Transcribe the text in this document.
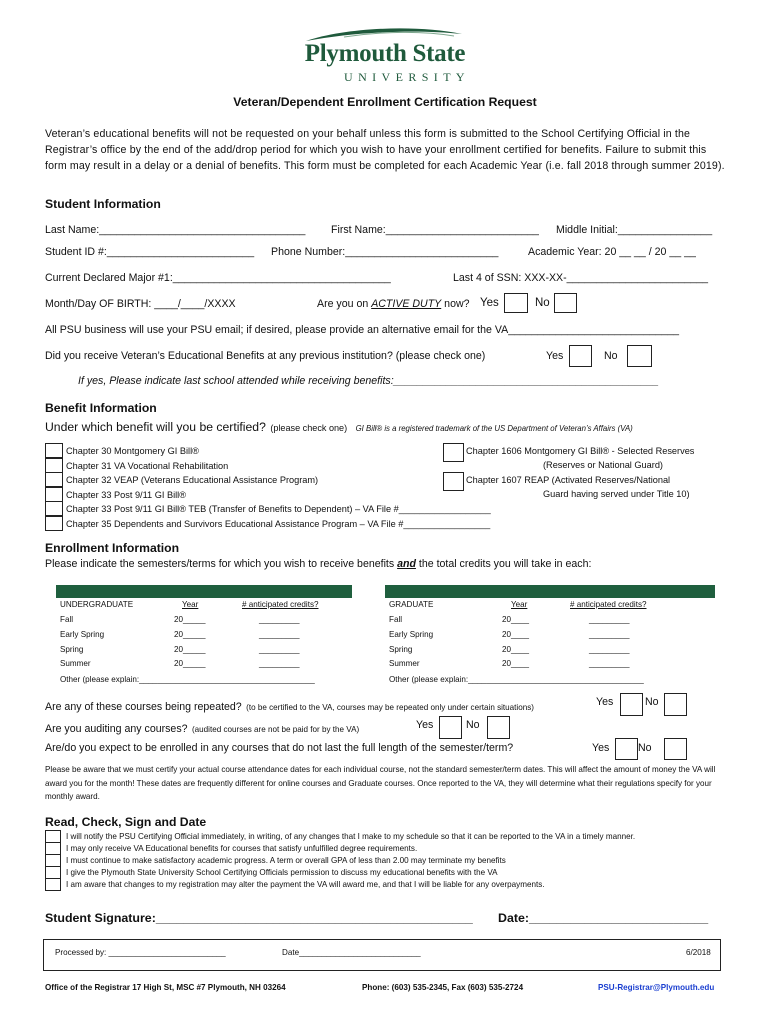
Plymouth State
UNIVERSITY
Veteran/Dependent Enrollment Certification Request
Veteran’s educational benefits will not be requested on your behalf unless this form is submitted to the School Certifying Official in the Registrar’s office by the end of the add/drop period for which you wish to have your enrollment certified for benefits. Failure to submit this form may result in a delay or a denial of benefits. This form must be completed for each Academic Year (i.e. fall 2018 through summer 2019).
Student Information
Last Name:___________________________________ First Name:__________________________ Middle Initial:________________
Student ID #:_________________________ Phone Number:__________________________	Academic Year: 20 __ __ / 20 __ __
Current Declared Major #1:_____________________________________	Last 4 of SSN: XXX-XX-________________________
Month/Day OF BIRTH: ____/____/XXXX	Are you on ACTIVE DUTY now? Yes	No
All PSU business will use your PSU email; if desired, please provide an alternative email for the VA_____________________________
Did you receive Veteran’s Educational Benefits at any previous institution? (please check one)	Yes	No
If yes, Please indicate last school attended while receiving benefits:_____________________________________________
Benefit Information
Under which benefit will you be certified? (please check one) GI Bill® is a registered trademark of the US Department of Veteran’s Affairs (VA)
Chapter 30 Montgomery GI Bill®
Chapter 31 VA Vocational Rehabilitation
Chapter 32 VEAP (Veterans Educational Assistance Program)
Chapter 33 Post 9/11 GI Bill®
Chapter 33 Post 9/11 GI Bill® TEB (Transfer of Benefits to Dependent) – VA File #__________________
Chapter 35 Dependents and Survivors Educational Assistance Program – VA File #_________________
Chapter 1606 Montgomery GI Bill® - Selected Reserves
(Reserves or National Guard)
Chapter 1607 REAP (Activated Reserves/National
Guard having served under Title 10)
Enrollment Information
Please indicate the semesters/terms for which you wish to receive benefits and the total credits you will take in each:
UNDERGRADUATE	Year	# anticipated credits?
Fall	20_____	_________
Early Spring	20_____	_________
Spring	20_____	_________
Summer	20_____	_________
Other (please explain:_______________________________________
GRADUATE	Year	# anticipated credits?
Fall	20____	_________
Early Spring	20____	_________
Spring	20____	_________
Summer	20____	_________
Other (please explain:_______________________________________
Are any of these courses being repeated? (to be certified to the VA, courses may be repeated only under certain situations)	Yes	No
Are you auditing any courses? (audited courses are not be paid for by the VA)	Yes	No
Are/do you expect to be enrolled in any courses that do not last the full length of the semester/term?	Yes	No
Please be aware that we must certify your actual course attendance dates for each individual course, not the standard semester/term dates. This will affect the amount of money the VA will award you for the month! These dates are frequently different for online courses and Graduate courses. Once reported to the VA, they will determine what their regulations specify for your monthly award.
Read, Check, Sign and Date
I will notify the PSU Certifying Official immediately, in writing, of any changes that I make to my schedule so that it can be reported to the VA in a timely manner.
I may only receive VA Educational benefits for courses that satisfy unfulfilled degree requirements.
I must continue to make satisfactory academic progress. A term or overall GPA of less than 2.00 may terminate my benefits
I give the Plymouth State University School Certifying Officials permission to discuss my educational benefits with the VA
I am aware that changes to my registration may alter the payment the VA will award me, and that I will be liable for any overpayments.
Student Signature:______________________________________________ Date:__________________________
Processed by: __________________________	Date___________________________	6/2018
Office of the Registrar 17 High St, MSC #7 Plymouth, NH 03264	Phone: (603) 535-2345, Fax (603) 535-2724	PSU-Registrar@Plymouth.edu
